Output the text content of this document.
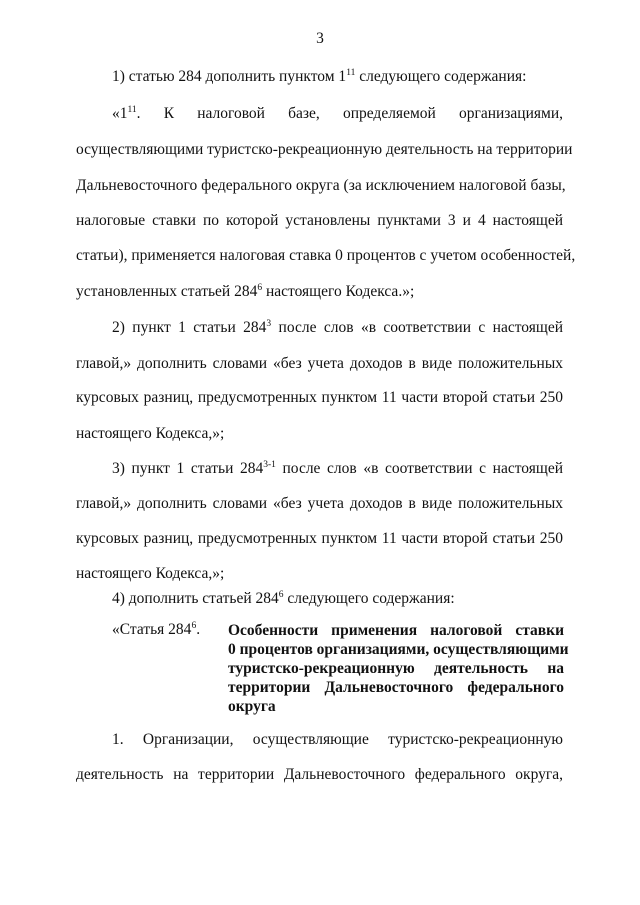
3
1) статью 284 дополнить пунктом $1^{11}$ следующего содержания:
«$1^{11}$. К налоговой базе, определяемой организациями,
осуществляющими туристско-рекреационную деятельность на территории
Дальневосточного федерального округа (за исключением налоговой базы,
налоговые ставки по которой установлены пунктами 3 и 4 настоящей
статьи), применяется налоговая ставка 0 процентов с учетом особенностей,
установленных статьей $284^6$ настоящего Кодекса.»;
2) пункт 1 статьи $284^3$ после слов «в соответствии с настоящей
главой,» дополнить словами «без учета доходов в виде положительных
курсовых разниц, предусмотренных пунктом 11 части второй статьи 250
настоящего Кодекса,»;
3) пункт 1 статьи 284$^{3-1}$ после слов «в соответствии с настоящей
главой,» дополнить словами «без учета доходов в виде положительных
курсовых разниц, предусмотренных пунктом 11 части второй статьи 250
настоящего Кодекса,»;
4) дополнить статьей $284^6$ следующего содержания:
«Статья $284^6$. Особенности применения налоговой ставки
0 процентов организациями, осуществляющими
туристско-рекреационную деятельность на
территории Дальневосточного федерального
округа
1. Организации, осуществляющие туристско-рекреационную
деятельность на территории Дальневосточного федерального округа,
